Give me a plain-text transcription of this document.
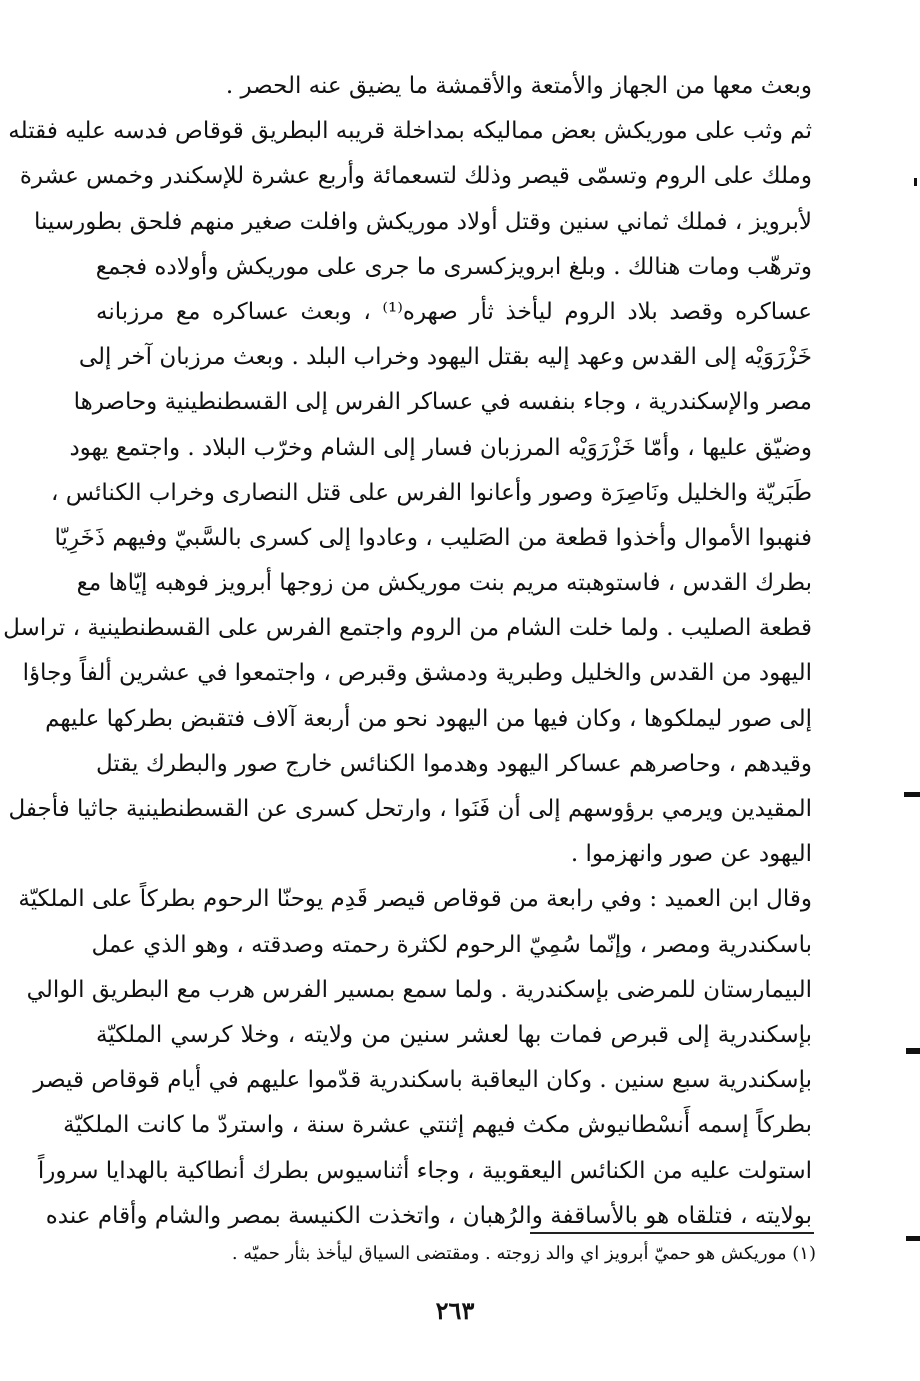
وبعث معها من الجهاز والأمتعة والأقمشة ما يضيق عنه الحصر .
ثم وثب على موريكش بعض مماليكه بمداخلة قريبه البطريق قوقاص فدسه عليه فقتله
وملك على الروم وتسمّى قيصر وذلك لتسعمائة وأربع عشرة للإسكندر وخمس عشرة
لأبرويز ، فملك ثماني سنين وقتل أولاد موريكش وافلت صغير منهم فلحق بطورسينا
وترهّب ومات هنالك . وبلغ ابرويزكسرى ما جرى على موريكش وأولاده فجمع
عساكره وقصد بلاد الروم ليأخذ ثأر صهره⁽¹⁾ ، وبعث عساكره مع مرزبانه
خَزْرَوَيْه إلى القدس وعهد إليه بقتل اليهود وخراب البلد . وبعث مرزبان آخر إلى
مصر والإسكندرية ، وجاء بنفسه في عساكر الفرس إلى القسطنطينية وحاصرها
وضيّق عليها ، وأمّا خَزْرَوَيْه المرزبان فسار إلى الشام وخرّب البلاد . واجتمع يهود
طَبَريّة والخليل ونَاصِرَة وصور وأعانوا الفرس على قتل النصارى وخراب الكنائس ،
فنهبوا الأموال وأخذوا قطعة من الصَليب ، وعادوا إلى كسرى بالسَّبيّ وفيهم ذَخَرِيّا
بطرك القدس ، فاستوهبته مريم بنت موريكش من زوجها أبرويز فوهبه إيّاها مع
قطعة الصليب . ولما خلت الشام من الروم واجتمع الفرس على القسطنطينية ، تراسل
اليهود من القدس والخليل وطبرية ودمشق وقبرص ، واجتمعوا في عشرين ألفاً وجاؤا
إلى صور ليملكوها ، وكان فيها من اليهود نحو من أربعة آلاف فتقبض بطركها عليهم
وقيدهم ، وحاصرهم عساكر اليهود وهدموا الكنائس خارج صور والبطرك يقتل
المقيدين ويرمي برؤوسهم إلى أن فَنَوا ، وارتحل كسرى عن القسطنطينية جاثيا فأجفل
اليهود عن صور وانهزموا .
وقال ابن العميد : وفي رابعة من قوقاص قيصر قَدِم يوحنّا الرحوم بطركاً على الملكيّة
باسكندرية ومصر ، وإنّما سُمِيّ الرحوم لكثرة رحمته وصدقته ، وهو الذي عمل
البيمارستان للمرضى بإسكندرية . ولما سمع بمسير الفرس هرب مع البطريق الوالي
بإسكندرية إلى قبرص فمات بها لعشر سنين من ولايته ، وخلا كرسي الملكيّة
بإسكندرية سبع سنين . وكان اليعاقبة باسكندرية قدّموا عليهم في أيام قوقاص قيصر
بطركاً إسمه أَنسْطانيوش مكث فيهم إثنتي عشرة سنة ، واستردّ ما كانت الملكيّة
استولت عليه من الكنائس اليعقوبية ، وجاء أثناسيوس بطرك أنطاكية بالهدايا سروراً
بولايته ، فتلقاه هو بالأساقفة والرُهبان ، واتخذت الكنيسة بمصر والشام وأقام عنده
(١) موريكش هو حميّ أبرويز اي والد زوجته . ومقتضى السياق ليأخذ بثأر حميّه .
٢٦٣
